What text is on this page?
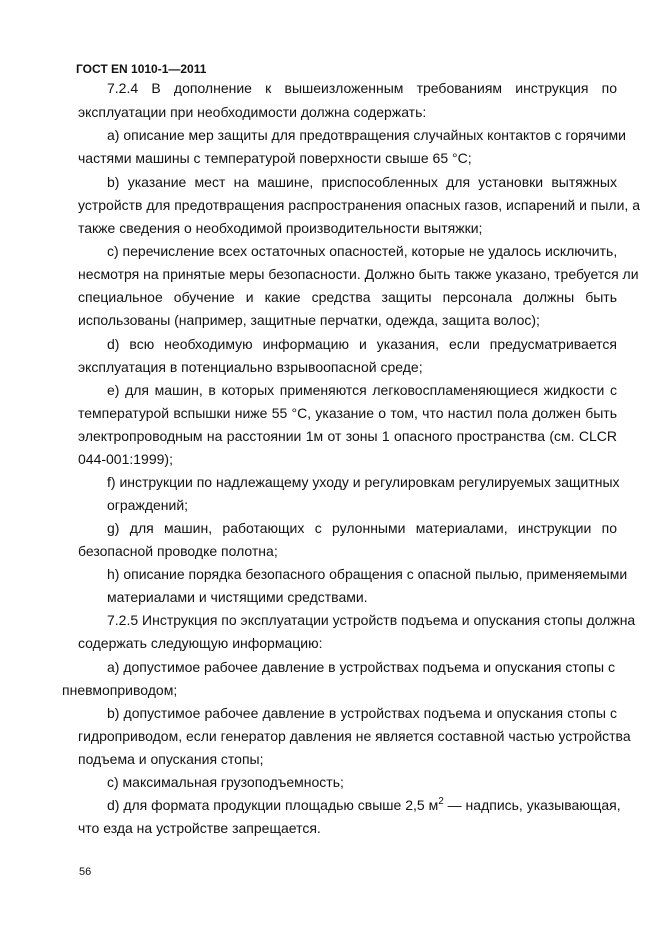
ГОСТ EN 1010-1—2011
7.2.4 В дополнение к вышеизложенным требованиям инструкция по
эксплуатации при необходимости должна содержать:
а) описание мер защиты для предотвращения случайных контактов с горячими
частями машины с температурой поверхности свыше 65 °С;
b) указание мест на машине, приспособленных для установки вытяжных
устройств для предотвращения распространения опасных газов, испарений и пыли, а
также сведения о необходимой производительности вытяжки;
с) перечисление всех остаточных опасностей, которые не удалось исключить,
несмотря на принятые меры безопасности. Должно быть также указано, требуется ли
специальное обучение и какие средства защиты персонала должны быть
использованы (например, защитные перчатки, одежда, защита волос);
d) всю необходимую информацию и указания, если предусматривается
эксплуатация в потенциально взрывоопасной среде;
е) для машин, в которых применяются легковоспламеняющиеся жидкости с
температурой вспышки ниже 55 °С, указание о том, что настил пола должен быть
электропроводным на расстоянии 1м от зоны 1 опасного пространства (см. CLCR
044-001:1999);
f) инструкции по надлежащему уходу и регулировкам регулируемых защитных
ограждений;
g) для машин, работающих с рулонными материалами, инструкции по
безопасной проводке полотна;
h) описание порядка безопасного обращения с опасной пылью, применяемыми
материалами и чистящими средствами.
7.2.5 Инструкция по эксплуатации устройств подъема и опускания стопы должна
содержать следующую информацию:
а) допустимое рабочее давление в устройствах подъема и опускания стопы с
пневмоприводом;
b) допустимое рабочее давление в устройствах подъема и опускания стопы с
гидроприводом, если генератор давления не является составной частью устройства
подъема и опускания стопы;
с) максимальная грузоподъемность;
d) для формата продукции площадью свыше 2,5 $м^2$ — надпись, указывающая,
что езда на устройстве запрещается.
56
